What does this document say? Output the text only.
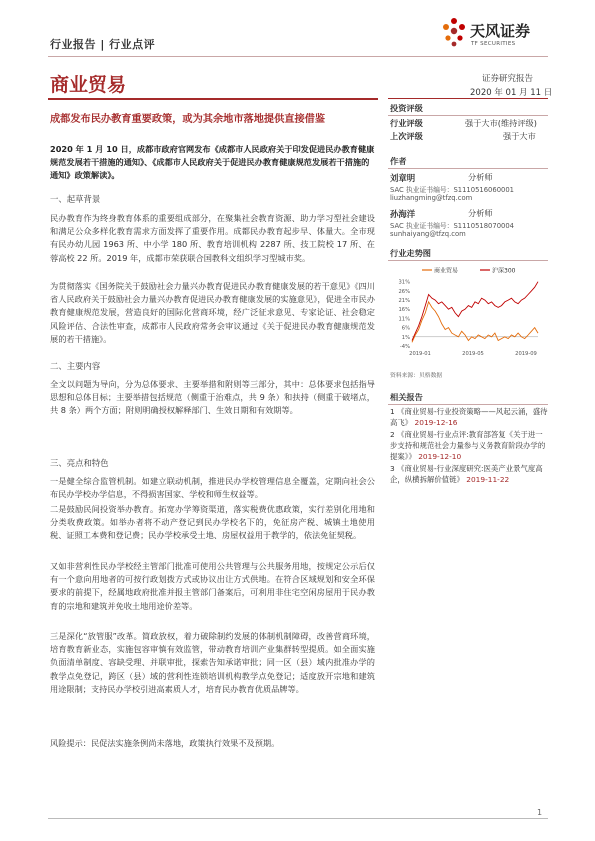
行业报告 | 行业点评
天风证券
TF SECURITIES
商业贸易	证券研究报告
2020 年 01 月 11 日
成都发布民办教育重要政策，或为其余地市落地提供直接借鉴
2020 年 1 月 10 日，成都市政府官网发布《成都市人民政府关于印发促进民办教育健康规范发展若干措施的通知》、《成都市人民政府关于促进民办教育健康规范发展若干措施的通知》政策解读》。
一、起草背景
民办教育作为终身教育体系的重要组成部分，在聚集社会教育资源、助力学习型社会建设和满足公众多样化教育需求方面发挥了重要作用。成都民办教育起步早、体量大。全市现有民办幼儿园 1963 所、中小学 180 所、教育培训机构 2287 所、技工院校 17 所、在蓉高校 22 所。2019 年，成都市荣获联合国教科文组织学习型城市奖。
为贯彻落实《国务院关于鼓励社会力量兴办教育促进民办教育健康发展的若干意见》《四川省人民政府关于鼓励社会力量兴办教育促进民办教育健康发展的实施意见》，促进全市民办教育健康规范发展，营造良好的国际化营商环境，经广泛征求意见、专家论证、社会稳定风险评估、合法性审查，成都市人民政府常务会审议通过《关于促进民办教育健康规范发展的若干措施》。
二、主要内容
全文以问题为导向，分为总体要求、主要举措和附则等三部分，其中：总体要求包括指导思想和总体目标；主要举措包括规范（侧重于治难点，共 9 条）和扶持（侧重于破堵点，共 8 条）两个方面；附则明确授权解释部门、生效日期和有效期等。
三、亮点和特色
一是健全综合监管机制。如建立联动机制，推进民办学校管理信息全覆盖，定期向社会公布民办学校办学信息，不得损害国家、学校和师生权益等。
二是鼓励民间投资举办教育。拓宽办学筹资渠道，落实税费优惠政策，实行差别化用地和分类收费政策。如举办者将不动产登记到民办学校名下的，免征房产税、城镇土地使用税、证照工本费和登记费；民办学校承受土地、房屋权益用于教学的，依法免征契税。
又如非营利性民办学校经主管部门批准可使用公共管理与公共服务用地，按规定公示后仅有一个意向用地者的可按行政划拨方式或协议出让方式供地。在符合区域规划和安全环保要求的前提下，经属地政府批准并报主管部门备案后，可利用非住宅空闲房屋用于民办教育的宗地和建筑并免收土地用途价差等。
三是深化“放管服”改革。简政放权，着力破除制约发展的体制机制障碍，改善营商环境，培育教育新业态，实施包容审慎有效监管，带动教育培训产业集群转型提质。如全面实施负面清单制度、容缺受理、并联审批，探索告知承诺审批；同一区（县）域内批准办学的教学点免登记，跨区（县）域的营利性连锁培训机构教学点免登记；适度放开宗地和建筑用途限制；支持民办学校引进高素质人才，培育民办教育优质品牌等。
风险提示：民促法实施条例尚未落地，政策执行效果不及预期。
投资评级
行业评级	强于大市(维持评级)
上次评级	强于大市
作者
刘章明	分析师
SAC 执业证书编号：S1110516060001
liuzhangming@tfzq.com
孙海洋	分析师
SAC 执业证书编号：S1110518070004
sunhaiyang@tfzq.com
行业走势图
商业贸易	沪深300
31%
26%
21%
16%
11%
6%
1%
-4%
2019-01	2019-05	2019-09
资料来源：贝格数据
相关报告
1 《商业贸易-行业投资策略——风起云涌，盛待高飞》 2019-12-16
2 《商业贸易-行业点评:教育部答复《关于进一步支持和规范社会力量参与义务教育阶段办学的提案》》 2019-12-10
3 《商业贸易-行业深度研究:医美产业景气度高企，纵横拆解价值链》 2019-11-22
1
